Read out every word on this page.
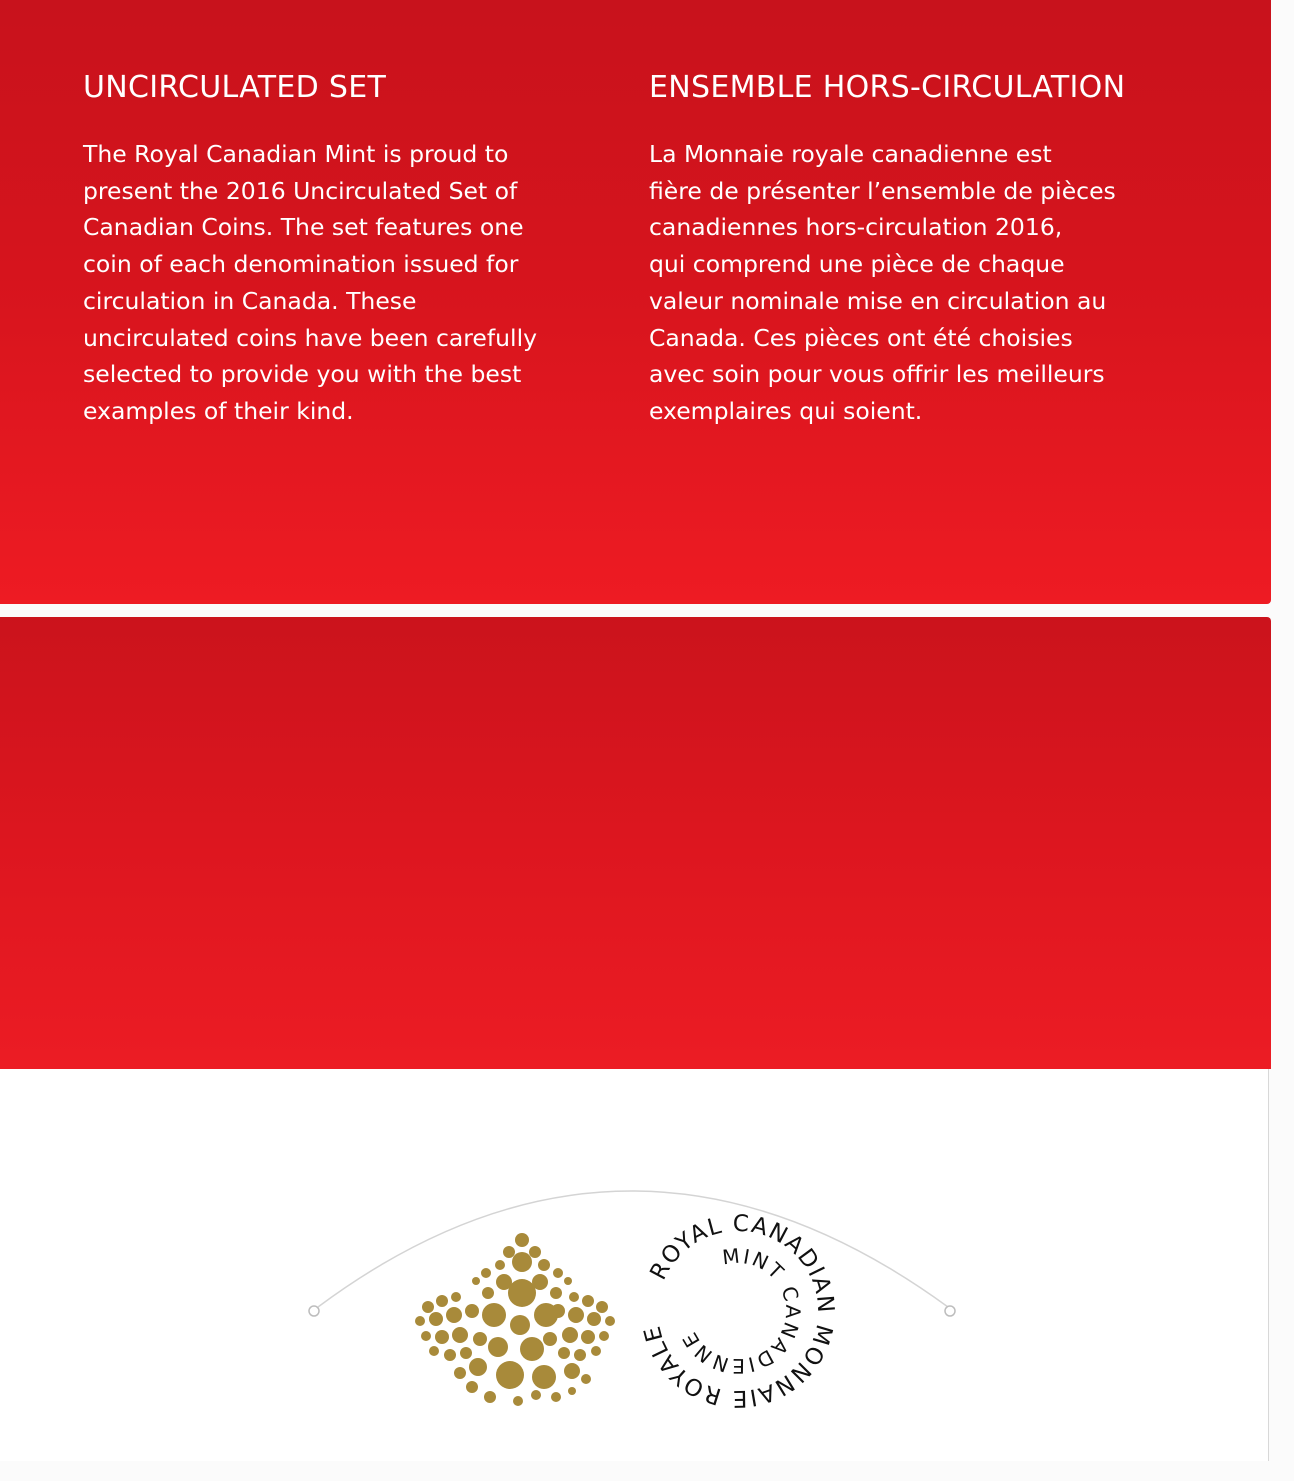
UNCIRCULATED SET

The Royal Canadian Mint is proud to
present the 2016 Uncirculated Set of
Canadian Coins. The set features one
coin of each denomination issued for
circulation in Canada. These
uncirculated coins have been carefully
selected to provide you with the best
examples of their kind.

ENSEMBLE HORS-CIRCULATION

La Monnaie royale canadienne est
fière de présenter l’ensemble de pièces
canadiennes hors-circulation 2016,
qui comprend une pièce de chaque
valeur nominale mise en circulation au
Canada. Ces pièces ont été choisies
avec soin pour vous offrir les meilleurs
exemplaires qui soient.

ROYAL CANADIAN MONNAIE ROYALE
MINT CANADIENNE
